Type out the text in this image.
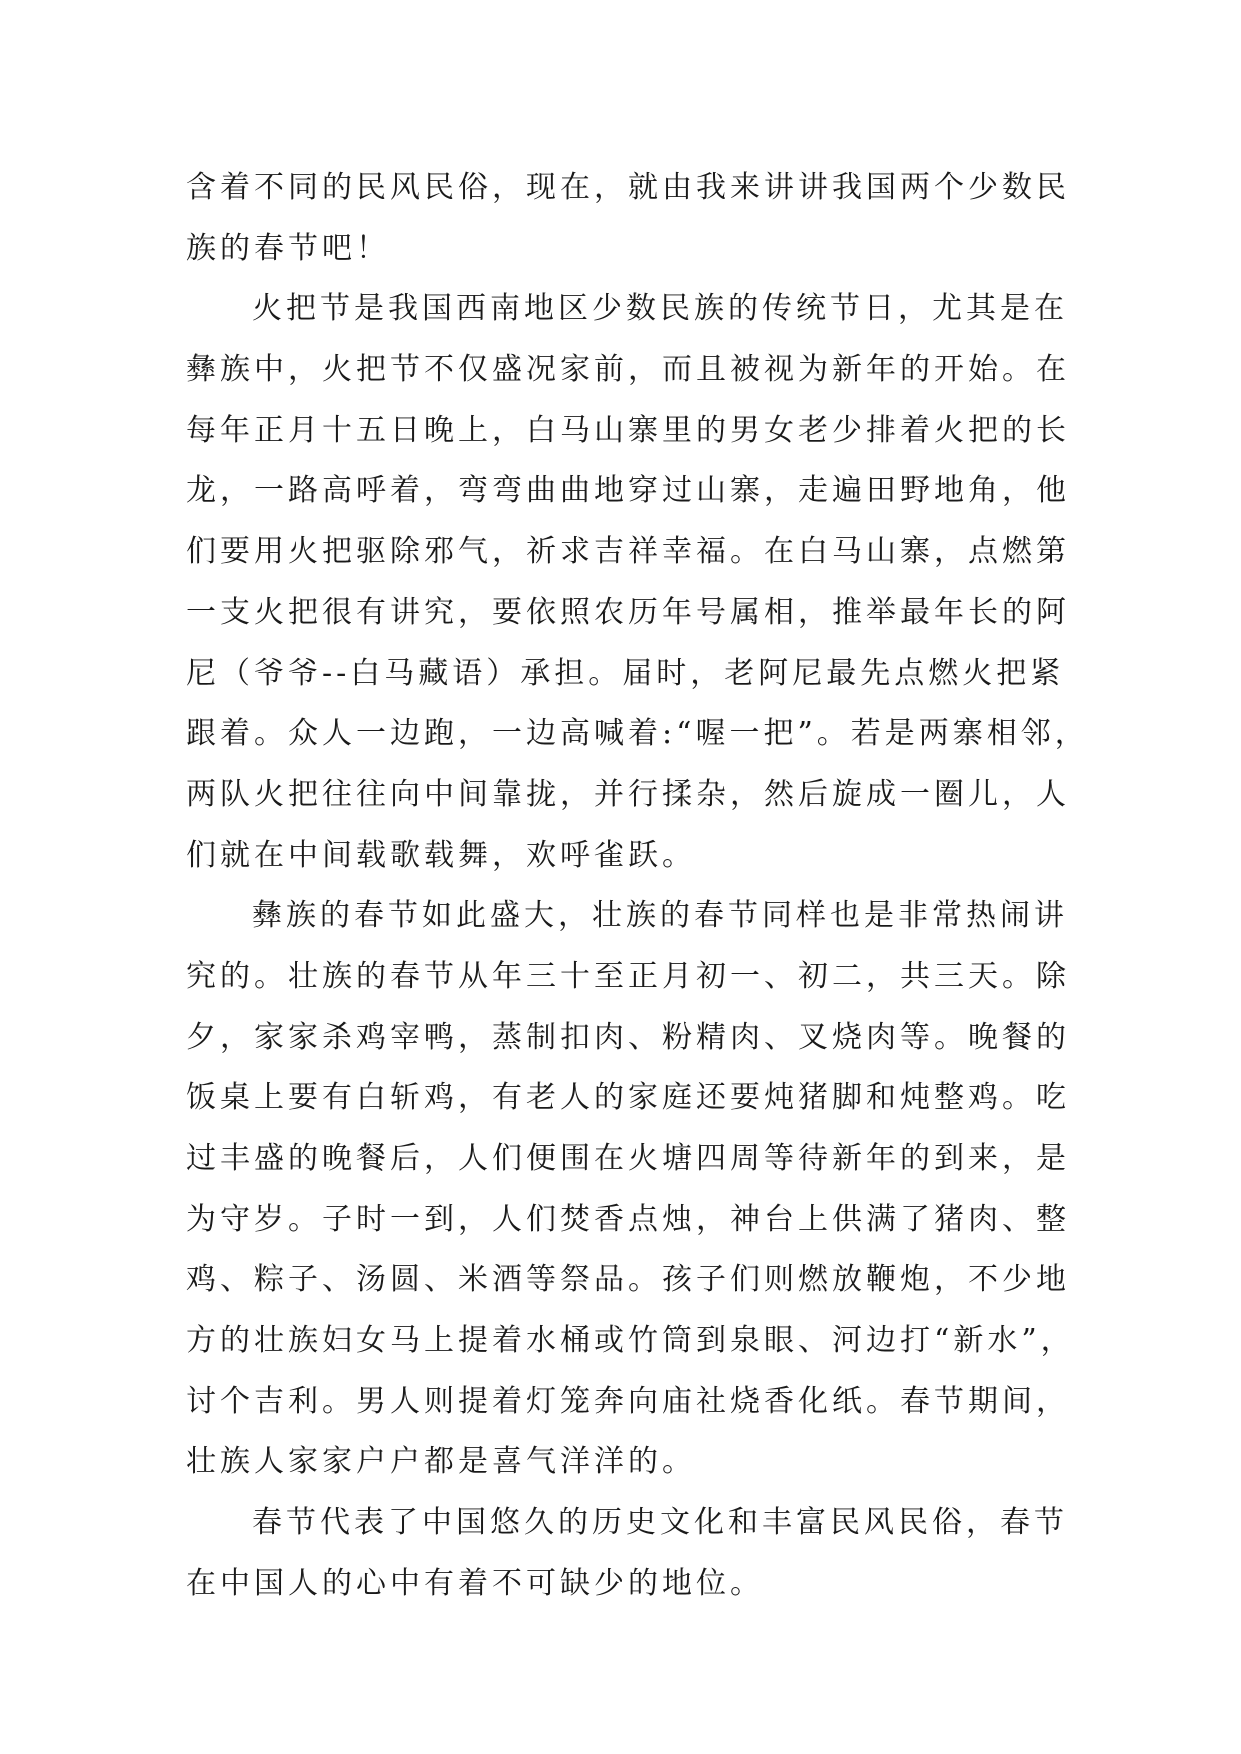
含着不同的民风民俗，现在，就由我来讲讲我国两个少数民
族的春节吧！
火把节是我国西南地区少数民族的传统节日，尤其是在
彝族中，火把节不仅盛况家前，而且被视为新年的开始。在
每年正月十五日晚上，白马山寨里的男女老少排着火把的长
龙，一路高呼着，弯弯曲曲地穿过山寨，走遍田野地角，他
们要用火把驱除邪气，祈求吉祥幸福。在白马山寨，点燃第
一支火把很有讲究，要依照农历年号属相，推举最年长的阿
尼（爷爷--白马藏语）承担。届时，老阿尼最先点燃火把紧
跟着。众人一边跑，一边高喊着:“喔一把”。若是两寨相邻，
两队火把往往向中间靠拢，并行揉杂，然后旋成一圈儿，人
们就在中间载歌载舞，欢呼雀跃。
彝族的春节如此盛大，壮族的春节同样也是非常热闹讲
究的。壮族的春节从年三十至正月初一、初二，共三天。除
夕，家家杀鸡宰鸭，蒸制扣肉、粉精肉、叉烧肉等。晚餐的
饭桌上要有白斩鸡，有老人的家庭还要炖猪脚和炖整鸡。吃
过丰盛的晚餐后，人们便围在火塘四周等待新年的到来，是
为守岁。子时一到，人们焚香点烛，神台上供满了猪肉、整
鸡、粽子、汤圆、米酒等祭品。孩子们则燃放鞭炮，不少地
方的壮族妇女马上提着水桶或竹筒到泉眼、河边打“新水”，
讨个吉利。男人则提着灯笼奔向庙社烧香化纸。春节期间，
壮族人家家户户都是喜气洋洋的。
春节代表了中国悠久的历史文化和丰富民风民俗，春节
在中国人的心中有着不可缺少的地位。
